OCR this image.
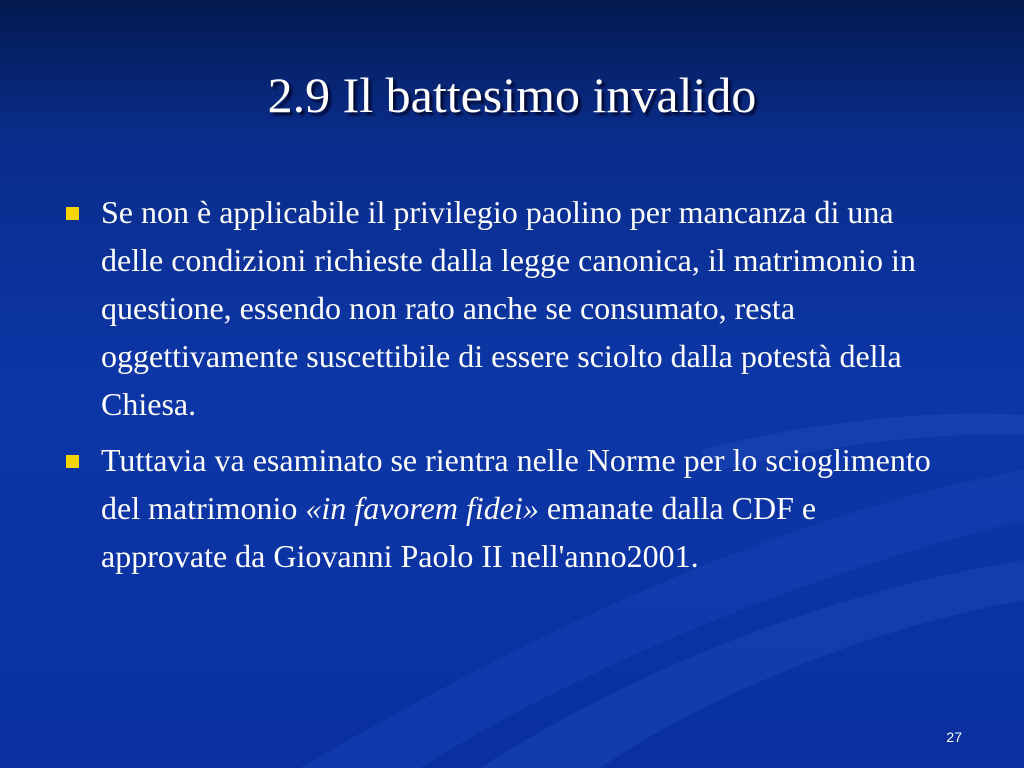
2.9 Il battesimo invalido
Se non è applicabile il privilegio paolino per mancanza di una delle condizioni richieste dalla legge canonica, il matrimonio in questione, essendo non rato anche se consumato, resta oggettivamente suscettibile di essere sciolto dalla potestà della Chiesa.
Tuttavia va esaminato se rientra nelle Norme per lo scioglimento del matrimonio «in favorem fidei» emanate dalla CDF e approvate da Giovanni Paolo II nell'anno2001.
27
